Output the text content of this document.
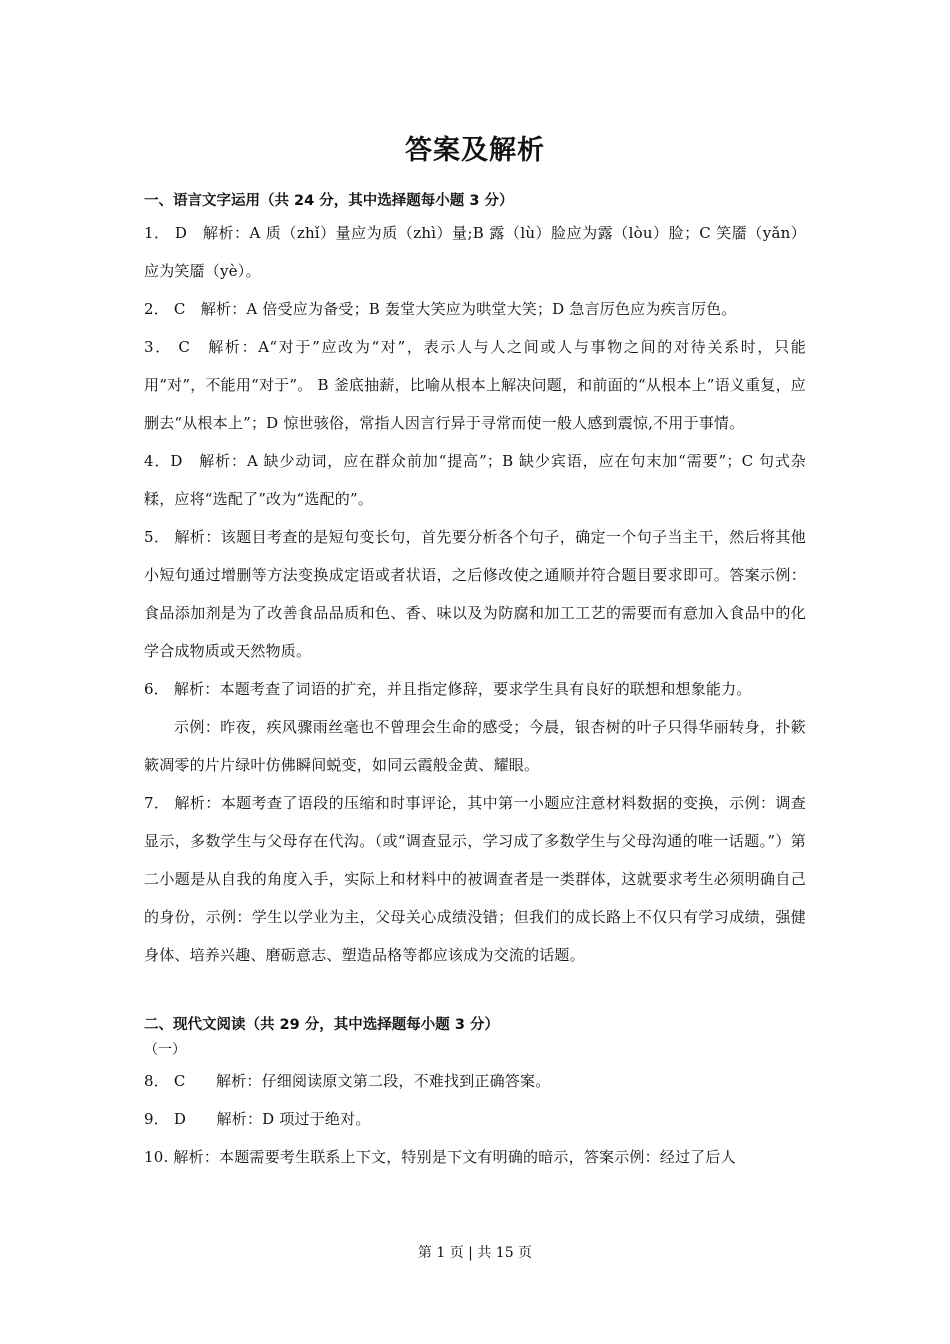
答案及解析

一、语言文字运用（共 24 分，其中选择题每小题 3 分）

1． D　解析：A 质（zhǐ）量应为质（zhì）量;B 露（lù）脸应为露（lòu）脸；C 笑靥（yǎn）应为笑靥（yè）。

2． C　解析：A 倍受应为备受；B 轰堂大笑应为哄堂大笑；D 急言厉色应为疾言厉色。

3． C　解析：A“对于”应改为“对”，表示人与人之间或人与事物之间的对待关系时，只能用“对”，不能用“对于”。 B 釜底抽薪，比喻从根本上解决问题，和前面的“从根本上”语义重复，应删去“从根本上”；D 惊世骇俗，常指人因言行异于寻常而使一般人感到震惊,不用于事情。

4．D　解析：A 缺少动词，应在群众前加“提高”；B 缺少宾语，应在句末加“需要”；C 句式杂糅，应将“选配了”改为“选配的”。

5． 解析：该题目考查的是短句变长句，首先要分析各个句子，确定一个句子当主干，然后将其他小短句通过增删等方法变换成定语或者状语，之后修改使之通顺并符合题目要求即可。答案示例：食品添加剂是为了改善食品品质和色、香、味以及为防腐和加工工艺的需要而有意加入食品中的化学合成物质或天然物质。

6． 解析：本题考查了词语的扩充，并且指定修辞，要求学生具有良好的联想和想象能力。

示例：昨夜，疾风骤雨丝毫也不曾理会生命的感受；今晨，银杏树的叶子只得华丽转身，扑簌簌凋零的片片绿叶仿佛瞬间蜕变，如同云霞般金黄、耀眼。

7． 解析：本题考查了语段的压缩和时事评论，其中第一小题应注意材料数据的变换，示例：调查显示，多数学生与父母存在代沟。（或“调查显示，学习成了多数学生与父母沟通的唯一话题。”）第二小题是从自我的角度入手，实际上和材料中的被调查者是一类群体，这就要求考生必须明确自己的身份，示例：学生以学业为主，父母关心成绩没错；但我们的成长路上不仅只有学习成绩，强健身体、培养兴趣、磨砺意志、塑造品格等都应该成为交流的话题。

二、现代文阅读（共 29 分，其中选择题每小题 3 分）

（一）

8． C　　解析：仔细阅读原文第二段，不难找到正确答案。

9． D　　解析：D 项过于绝对。

10. 解析：本题需要考生联系上下文，特别是下文有明确的暗示，答案示例：经过了后人

第 1 页 | 共 15 页
